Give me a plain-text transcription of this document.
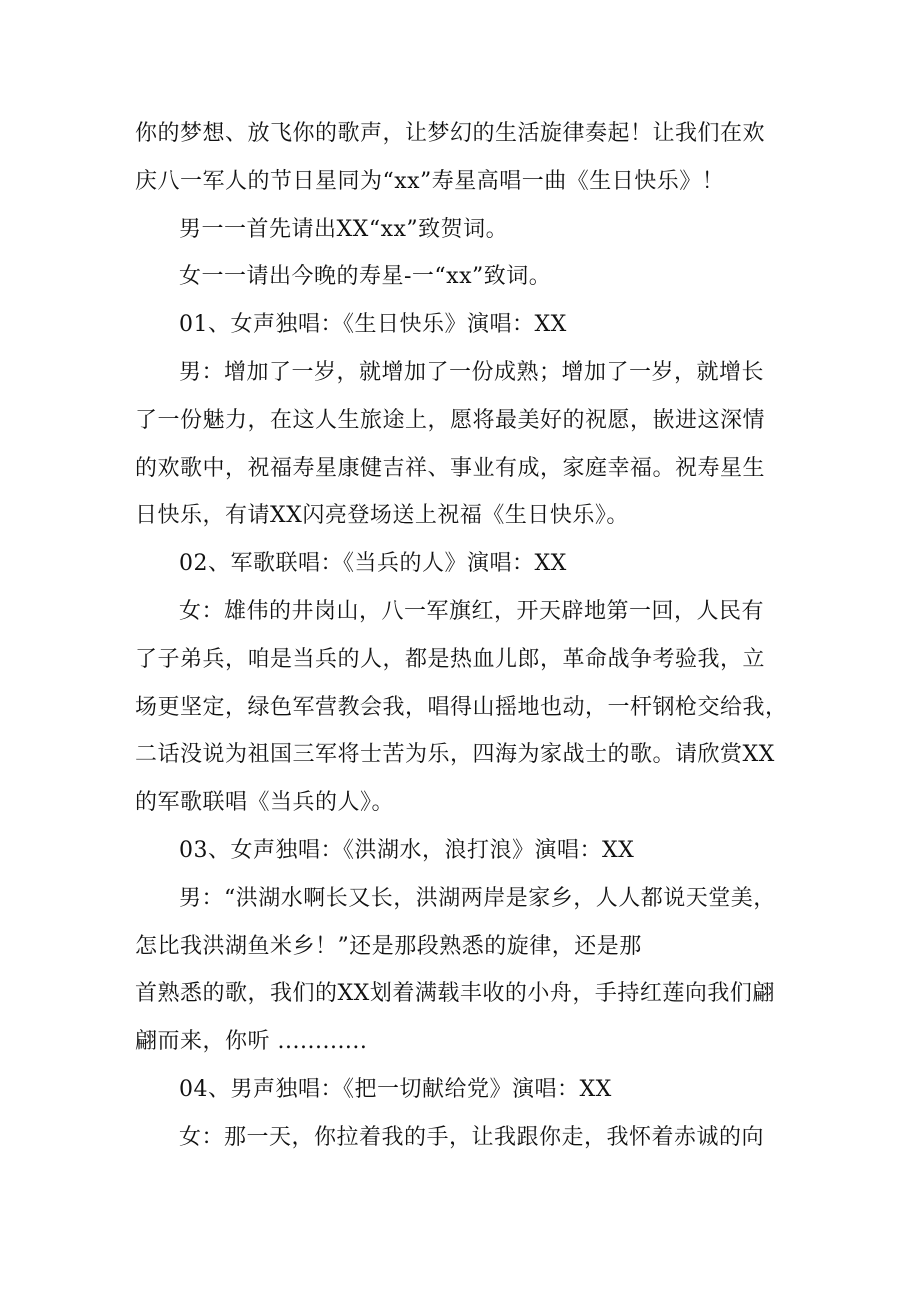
你的梦想、放飞你的歌声，让梦幻的生活旋律奏起！让我们在欢
庆八一军人的节日星同为“xx”寿星高唱一曲《生日快乐》！
男一一首先请出XX“xx”致贺词。
女一一请出今晚的寿星-一“xx”致词。
01、女声独唱：《生日快乐》演唱：XX
男：增加了一岁，就增加了一份成熟；增加了一岁，就增长
了一份魅力，在这人生旅途上，愿将最美好的祝愿，嵌进这深情
的欢歌中，祝福寿星康健吉祥、事业有成，家庭幸福。祝寿星生
日快乐，有请XX闪亮登场送上祝福《生日快乐》。
02、军歌联唱：《当兵的人》演唱：XX
女：雄伟的井岗山，八一军旗红，开天辟地第一回，人民有
了子弟兵，咱是当兵的人，都是热血儿郎，革命战争考验我，立
场更坚定，绿色军营教会我，唱得山摇地也动，一杆钢枪交给我，
二话没说为祖国三军将士苦为乐，四海为家战士的歌。请欣赏XX
的军歌联唱《当兵的人》。
03、女声独唱：《洪湖水，浪打浪》演唱：XX
男：“洪湖水啊长又长，洪湖两岸是家乡，人人都说天堂美，
怎比我洪湖鱼米乡！”还是那段熟悉的旋律，还是那
首熟悉的歌，我们的XX划着满载丰收的小舟，手持红莲向我们翩
翩而来，你听 ............
04、男声独唱：《把一切献给党》演唱：XX
女：那一天，你拉着我的手，让我跟你走，我怀着赤诚的向
